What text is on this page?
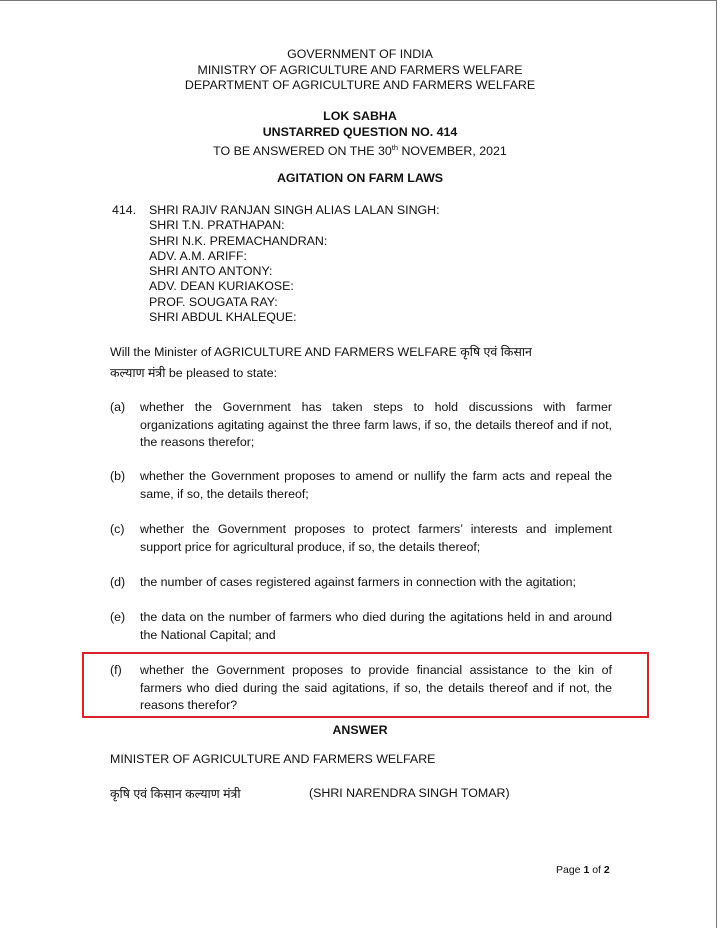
GOVERNMENT OF INDIA
MINISTRY OF AGRICULTURE AND FARMERS WELFARE
DEPARTMENT OF AGRICULTURE AND FARMERS WELFARE
LOK SABHA
UNSTARRED QUESTION NO. 414
TO BE ANSWERED ON THE 30th NOVEMBER, 2021
AGITATION ON FARM LAWS
414. SHRI RAJIV RANJAN SINGH ALIAS LALAN SINGH:
SHRI T.N. PRATHAPAN:
SHRI N.K. PREMACHANDRAN:
ADV. A.M. ARIFF:
SHRI ANTO ANTONY:
ADV. DEAN KURIAKOSE:
PROF. SOUGATA RAY:
SHRI ABDUL KHALEQUE:
Will the Minister of AGRICULTURE AND FARMERS WELFARE कृषि एवं किसान
कल्याण मंत्री be pleased to state:
(a) whether the Government has taken steps to hold discussions with farmer organizations agitating against the three farm laws, if so, the details thereof and if not, the reasons therefor;
(b) whether the Government proposes to amend or nullify the farm acts and repeal the same, if so, the details thereof;
(c) whether the Government proposes to protect farmers’ interests and implement support price for agricultural produce, if so, the details thereof;
(d) the number of cases registered against farmers in connection with the agitation;
(e) the data on the number of farmers who died during the agitations held in and around the National Capital; and
(f) whether the Government proposes to provide financial assistance to the kin of farmers who died during the said agitations, if so, the details thereof and if not, the reasons therefor?
ANSWER
MINISTER OF AGRICULTURE AND FARMERS WELFARE
कृषि एवं किसान कल्याण मंत्री	(SHRI NARENDRA SINGH TOMAR)
Page 1 of 2
